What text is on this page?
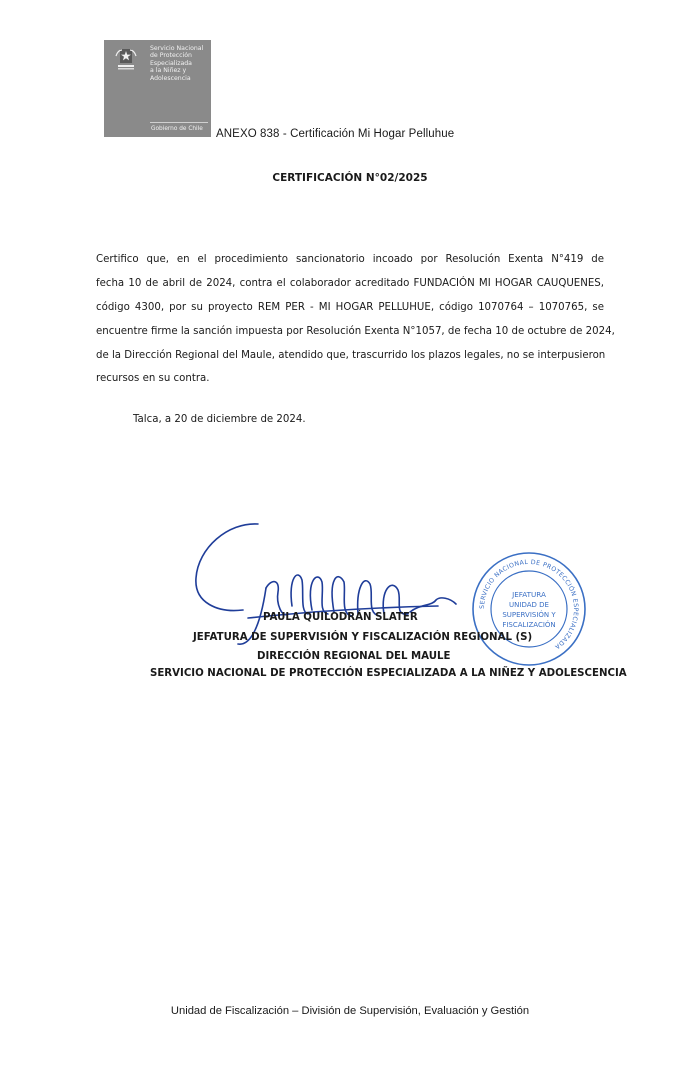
Servicio Nacional
de Protección
Especializada
a la Niñez y
Adolescencia
Gobierno de Chile ANEXO 838 - Certificación Mi Hogar Pelluhue
CERTIFICACIÓN N°02/2025
Certifico que, en el procedimiento sancionatorio incoado por Resolución Exenta N°419 de
fecha 10 de abril de 2024, contra el colaborador acreditado FUNDACIÓN MI HOGAR CAUQUENES,
código 4300, por su proyecto REM PER - MI HOGAR PELLUHUE, código 1070764 – 1070765, se
encuentre firme la sanción impuesta por Resolución Exenta N°1057, de fecha 10 de octubre de 2024,
de la Dirección Regional del Maule, atendido que, trascurrido los plazos legales, no se interpusieron
recursos en su contra.
Talca, a 20 de diciembre de 2024.
SERVICIO NACIONAL DE PROTECCIÓN ESPECIALIZADA
JEFATURA
UNIDAD DE
SUPERVISIÓN Y
FISCALIZACIÓN
PAULA QUILODRÁN SLATER
JEFATURA DE SUPERVISIÓN Y FISCALIZACIÓN REGIONAL (S)
DIRECCIÓN REGIONAL DEL MAULE
SERVICIO NACIONAL DE PROTECCIÓN ESPECIALIZADA A LA NIÑEZ Y ADOLESCENCIA
Unidad de Fiscalización – División de Supervisión, Evaluación y Gestión
